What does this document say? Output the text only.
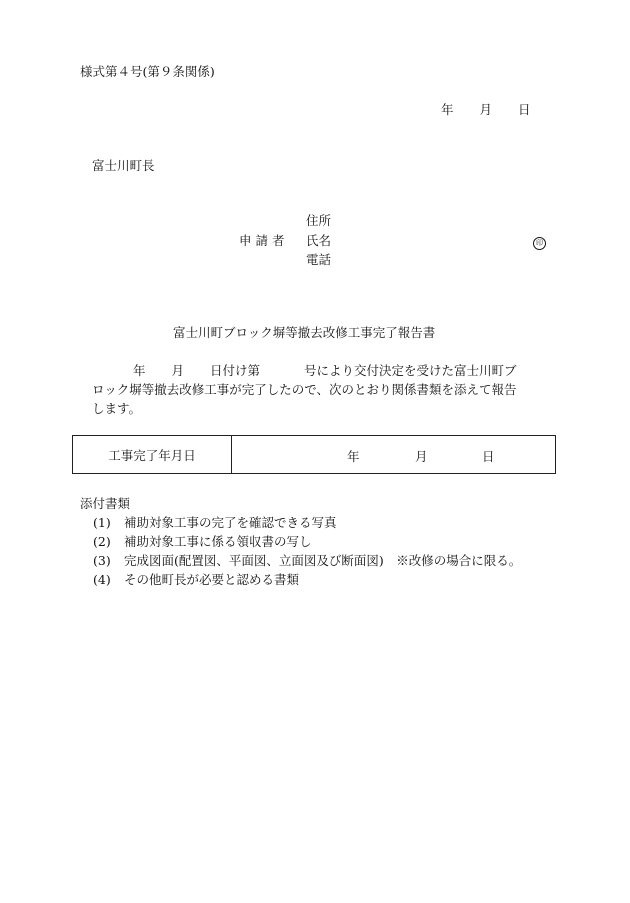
様式第４号(第９条関係)
年 月 日
富士川町長
住所
申 請 者 氏名	印
電話
富士川町ブロック塀等撤去改修工事完了報告書
年 月 日付け第	号により交付決定を受けた富士川町ブ
ロック塀等撤去改修工事が完了したので、次のとおり関係書類を添えて報告
します。
工事完了年月日	年	月	日
添付書類
(1) 補助対象工事の完了を確認できる写真
(2) 補助対象工事に係る領収書の写し
(3) 完成図面(配置図、平面図、立面図及び断面図)　※改修の場合に限る。
(4) その他町長が必要と認める書類
